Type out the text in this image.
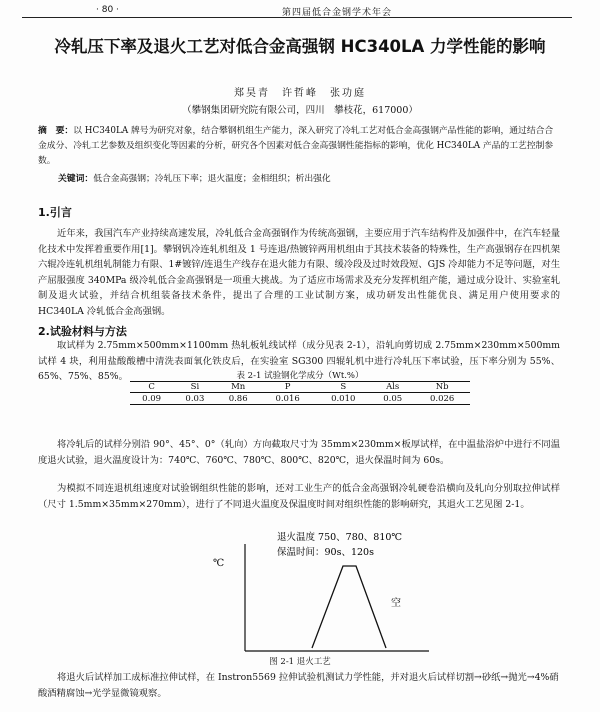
· 80 ·	第四届低合金钢学术年会
冷轧压下率及退火工艺对低合金高强钢 HC340LA 力学性能的影响
郑昊青　许哲峰　张功庭
（攀钢集团研究院有限公司，四川　攀枝花，617000）
摘　要：以 HC340LA 牌号为研究对象，结合攀钢机组生产能力，深入研究了冷轧工艺对低合金高强钢产品性能的影响，通过结合合金成分、冷轧工艺参数及组织变化等因素的分析，研究各个因素对低合金高强钢性能指标的影响，优化 HC340LA 产品的工艺控制参数。
关键词：低合金高强钢；冷轧压下率；退火温度；金相组织；析出强化
1.引言
近年来，我国汽车产业持续高速发展，冷轧低合金高强钢作为传统高强钢，主要应用于汽车结构件及加强件中，在汽车轻量化技术中发挥着重要作用[1]。攀钢钒冷连轧机组及 1 号连退/热镀锌两用机组由于其技术装备的特殊性，生产高强钢存在四机架六辊冷连轧机组轧制能力有限、1#镀锌/连退生产线存在退火能力有限、缓冷段及过时效段短、GJS 冷却能力不足等问题，对生产屈服强度 340MPa 级冷轧低合金高强钢是一项重大挑战。为了适应市场需求及充分发挥机组产能，通过成分设计、实验室轧制及退火试验，并结合机组装备技术条件，提出了合理的工业试制方案，成功研发出性能优良、满足用户使用要求的 HC340LA 冷轧低合金高强钢。
2.试验材料与方法
取试样为 2.75mm×500mm×1100mm 热轧板轧线试样（成分见表 2-1），沿轧向剪切成 2.75mm×230mm×500mm 试样 4 块，利用盐酸酸槽中清洗表面氧化铁皮后，在实验室 SG300 四辊轧机中进行冷轧压下率试验，压下率分别为 55%、65%、75%、85%。	表 2-1 试验钢化学成分（Wt.%）
C	Si	Mn	P	S	Als	Nb
0.09	0.03	0.86	0.016	0.010	0.05	0.026
将冷轧后的试样分别沿 90°、45°、0°（轧向）方向截取尺寸为 35mm×230mm×板厚试样，在中温盐浴炉中进行不同温度退火试验，退火温度设计为：740℃、760℃、780℃、800℃、820℃，退火保温时间为 60s。
为模拟不同连退机组速度对试验钢组织性能的影响，还对工业生产的低合金高强钢冷轧硬卷沿横向及轧向分别取拉伸试样（尺寸 1.5mm×35mm×270mm），进行了不同退火温度及保温度时间对组织性能的影响研究，其退火工艺见图 2-1。
℃
退火温度 750、780、810℃
保温时间：90s、120s
空
图 2-1 退火工艺
将退火后试样加工成标准拉伸试样，在 Instron5569 拉伸试验机测试力学性能，并对退火后试样切割→砂纸→抛光→4%硝酸酒精腐蚀→光学显微镜观察。
